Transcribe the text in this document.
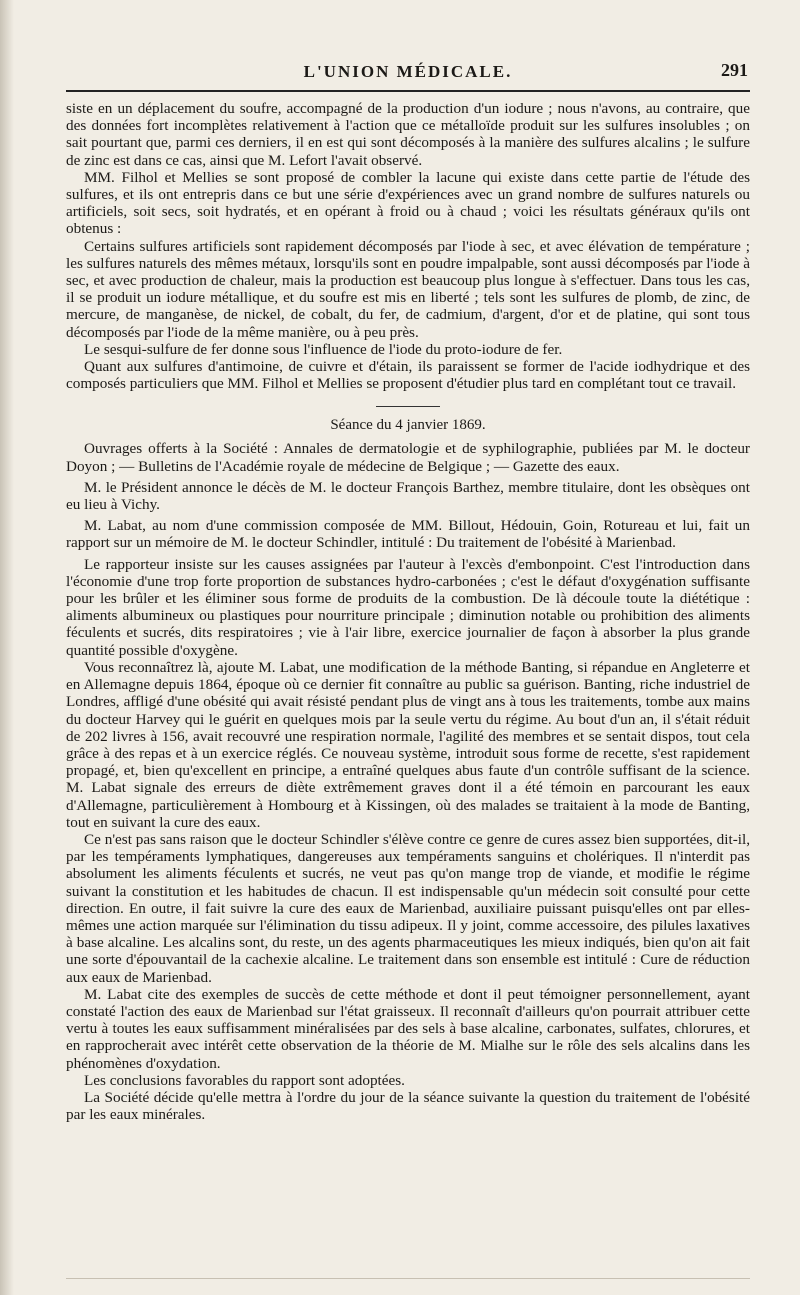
L'UNION MÉDICALE.	291

siste en un déplacement du soufre, accompagné de la production d'un iodure ; nous n'avons, au contraire, que des données fort incomplètes relativement à l'action que ce métalloïde produit sur les sulfures insolubles ; on sait pourtant que, parmi ces derniers, il en est qui sont décomposés à la manière des sulfures alcalins ; le sulfure de zinc est dans ce cas, ainsi que M. Lefort l'avait observé.

MM. Filhol et Mellies se sont proposé de combler la lacune qui existe dans cette partie de l'étude des sulfures, et ils ont entrepris dans ce but une série d'expériences avec un grand nombre de sulfures naturels ou artificiels, soit secs, soit hydratés, et en opérant à froid ou à chaud ; voici les résultats généraux qu'ils ont obtenus :

Certains sulfures artificiels sont rapidement décomposés par l'iode à sec, et avec élévation de température ; les sulfures naturels des mêmes métaux, lorsqu'ils sont en poudre impalpable, sont aussi décomposés par l'iode à sec, et avec production de chaleur, mais la production est beaucoup plus longue à s'effectuer. Dans tous les cas, il se produit un iodure métallique, et du soufre est mis en liberté ; tels sont les sulfures de plomb, de zinc, de mercure, de manganèse, de nickel, de cobalt, du fer, de cadmium, d'argent, d'or et de platine, qui sont tous décomposés par l'iode de la même manière, ou à peu près.

Le sesqui-sulfure de fer donne sous l'influence de l'iode du proto-iodure de fer.

Quant aux sulfures d'antimoine, de cuivre et d'étain, ils paraissent se former de l'acide iodhydrique et des composés particuliers que MM. Filhol et Mellies se proposent d'étudier plus tard en complétant tout ce travail.

Séance du 4 janvier 1869.

Ouvrages offerts à la Société : Annales de dermatologie et de syphilographie, publiées par M. le docteur Doyon ; — Bulletins de l'Académie royale de médecine de Belgique ; — Gazette des eaux.

M. le Président annonce le décès de M. le docteur François Barthez, membre titulaire, dont les obsèques ont eu lieu à Vichy.

M. Labat, au nom d'une commission composée de MM. Billout, Hédouin, Goin, Rotureau et lui, fait un rapport sur un mémoire de M. le docteur Schindler, intitulé : Du traitement de l'obésité à Marienbad.

Le rapporteur insiste sur les causes assignées par l'auteur à l'excès d'embonpoint. C'est l'introduction dans l'économie d'une trop forte proportion de substances hydro-carbonées ; c'est le défaut d'oxygénation suffisante pour les brûler et les éliminer sous forme de produits de la combustion. De là découle toute la diététique : aliments albumineux ou plastiques pour nourriture principale ; diminution notable ou prohibition des aliments féculents et sucrés, dits respiratoires ; vie à l'air libre, exercice journalier de façon à absorber la plus grande quantité possible d'oxygène.

Vous reconnaîtrez là, ajoute M. Labat, une modification de la méthode Banting, si répandue en Angleterre et en Allemagne depuis 1864, époque où ce dernier fit connaître au public sa guérison. Banting, riche industriel de Londres, affligé d'une obésité qui avait résisté pendant plus de vingt ans à tous les traitements, tombe aux mains du docteur Harvey qui le guérit en quelques mois par la seule vertu du régime. Au bout d'un an, il s'était réduit de 202 livres à 156, avait recouvré une respiration normale, l'agilité des membres et se sentait dispos, tout cela grâce à des repas et à un exercice réglés. Ce nouveau système, introduit sous forme de recette, s'est rapidement propagé, et, bien qu'excellent en principe, a entraîné quelques abus faute d'un contrôle suffisant de la science. M. Labat signale des erreurs de diète extrêmement graves dont il a été témoin en parcourant les eaux d'Allemagne, particulièrement à Hombourg et à Kissingen, où des malades se traitaient à la mode de Banting, tout en suivant la cure des eaux.

Ce n'est pas sans raison que le docteur Schindler s'élève contre ce genre de cures assez bien supportées, dit-il, par les tempéraments lymphatiques, dangereuses aux tempéraments sanguins et cholériques. Il n'interdit pas absolument les aliments féculents et sucrés, ne veut pas qu'on mange trop de viande, et modifie le régime suivant la constitution et les habitudes de chacun. Il est indispensable qu'un médecin soit consulté pour cette direction. En outre, il fait suivre la cure des eaux de Marienbad, auxiliaire puissant puisqu'elles ont par elles-mêmes une action marquée sur l'élimination du tissu adipeux. Il y joint, comme accessoire, des pilules laxatives à base alcaline. Les alcalins sont, du reste, un des agents pharmaceutiques les mieux indiqués, bien qu'on ait fait une sorte d'épouvantail de la cachexie alcaline. Le traitement dans son ensemble est intitulé : Cure de réduction aux eaux de Marienbad.

M. Labat cite des exemples de succès de cette méthode et dont il peut témoigner personnellement, ayant constaté l'action des eaux de Marienbad sur l'état graisseux. Il reconnaît d'ailleurs qu'on pourrait attribuer cette vertu à toutes les eaux suffisamment minéralisées par des sels à base alcaline, carbonates, sulfates, chlorures, et en rapprocherait avec intérêt cette observation de la théorie de M. Mialhe sur le rôle des sels alcalins dans les phénomènes d'oxydation.

Les conclusions favorables du rapport sont adoptées.

La Société décide qu'elle mettra à l'ordre du jour de la séance suivante la question du traitement de l'obésité par les eaux minérales.
